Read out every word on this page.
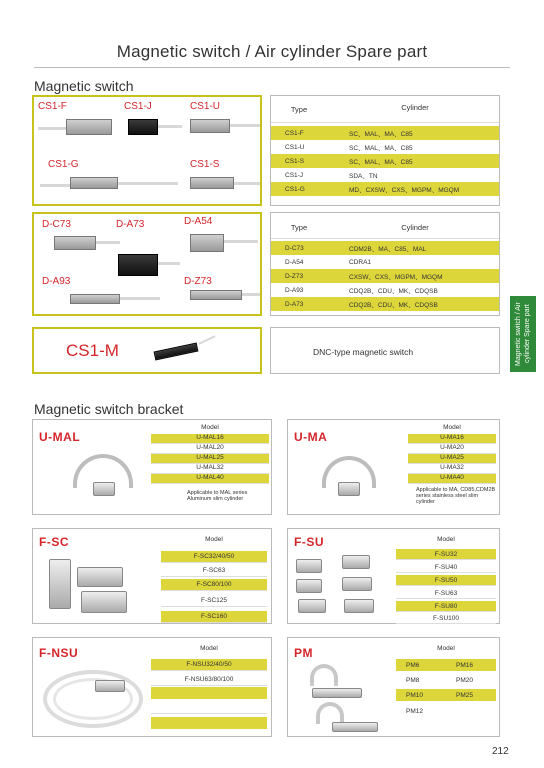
Magnetic switch / Air cylinder Spare part
Magnetic switch
CS1-F	CS1-J	CS1-U
CS1-G	CS1-S
Type	Cylinder
CS1-F	SC、MAL、MA、C85
CS1-U	SC、MAL、MA、C85
CS1-S	SC、MAL、MA、C85
CS1-J	SDA、TN
CS1-G	MD、CXSW、CXS、MGPM、MGQM
D-C73	D-A73	D-A54
D-A93	D-Z73
Type	Cylinder
D-C73	CDM2B、MA、C85、MAL
D-A54	CDRA1
D-Z73	CXSW、CXS、MGPM、MGQM
D-A93	CDQ2B、CDU、MK、CDQSB
D-A73	CDQ2B、CDU、MK、CDQSB
CS1-M	DNC-type magnetic switch	Magnetic switch / Air cylinder Spare part
Magnetic switch bracket
U-MAL
Model
U-MAL16
U-MAL20
U-MAL25
U-MAL32
U-MAL40
Applicable to MAL series Aluminum slim cylinder
U-MA
Model
U-MA16
U-MA20
U-MA25
U-MA32
U-MA40
Applicable to MA, CD85,CDM2B series stainless steel slim cylinder
F-SC	Model
F-SC32/40/50
F-SC63
F-SC80/100
F-SC125
F-SC160
F-SU	Model
F-SU32
F-SU40
F-SU50
F-SU63
F-SU80
F-SU100
F-NSU	Model
F-NSU32/40/50
F-NSU63/80/100
PM	Model
PM6	PM16
PM8	PM20
PM10	PM25
PM12
212
